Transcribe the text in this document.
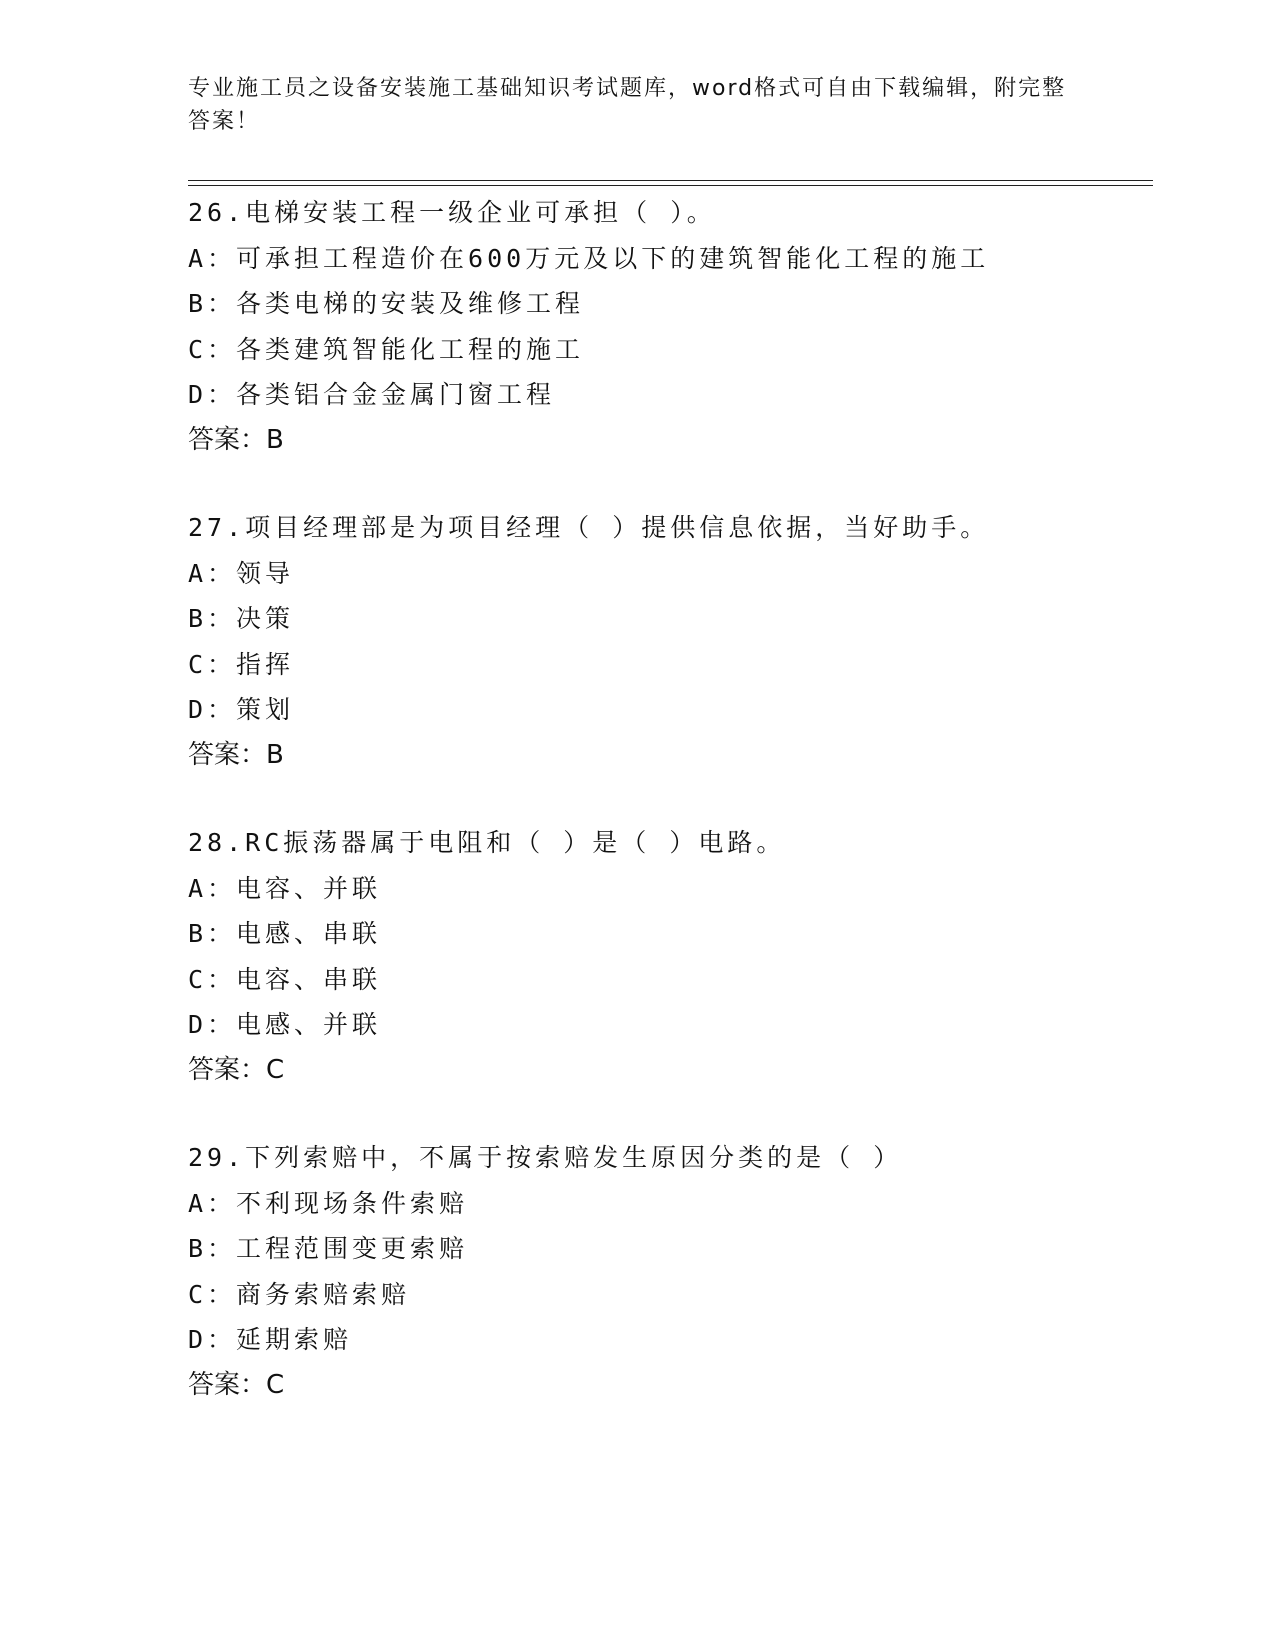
专业施工员之设备安装施工基础知识考试题库，word格式可自由下载编辑，附完整答案！
26.电梯安装工程一级企业可承担（ ）。
A：可承担工程造价在600万元及以下的建筑智能化工程的施工
B：各类电梯的安装及维修工程
C：各类建筑智能化工程的施工
D：各类铝合金金属门窗工程
答案：B
27.项目经理部是为项目经理（ ）提供信息依据，当好助手。
A：领导
B：决策
C：指挥
D：策划
答案：B
28.RC振荡器属于电阻和（ ）是（ ）电路。
A：电容、并联
B：电感、串联
C：电容、串联
D：电感、并联
答案：C
29.下列索赔中，不属于按索赔发生原因分类的是（ ）
A：不利现场条件索赔
B：工程范围变更索赔
C：商务索赔索赔
D：延期索赔
答案：C
